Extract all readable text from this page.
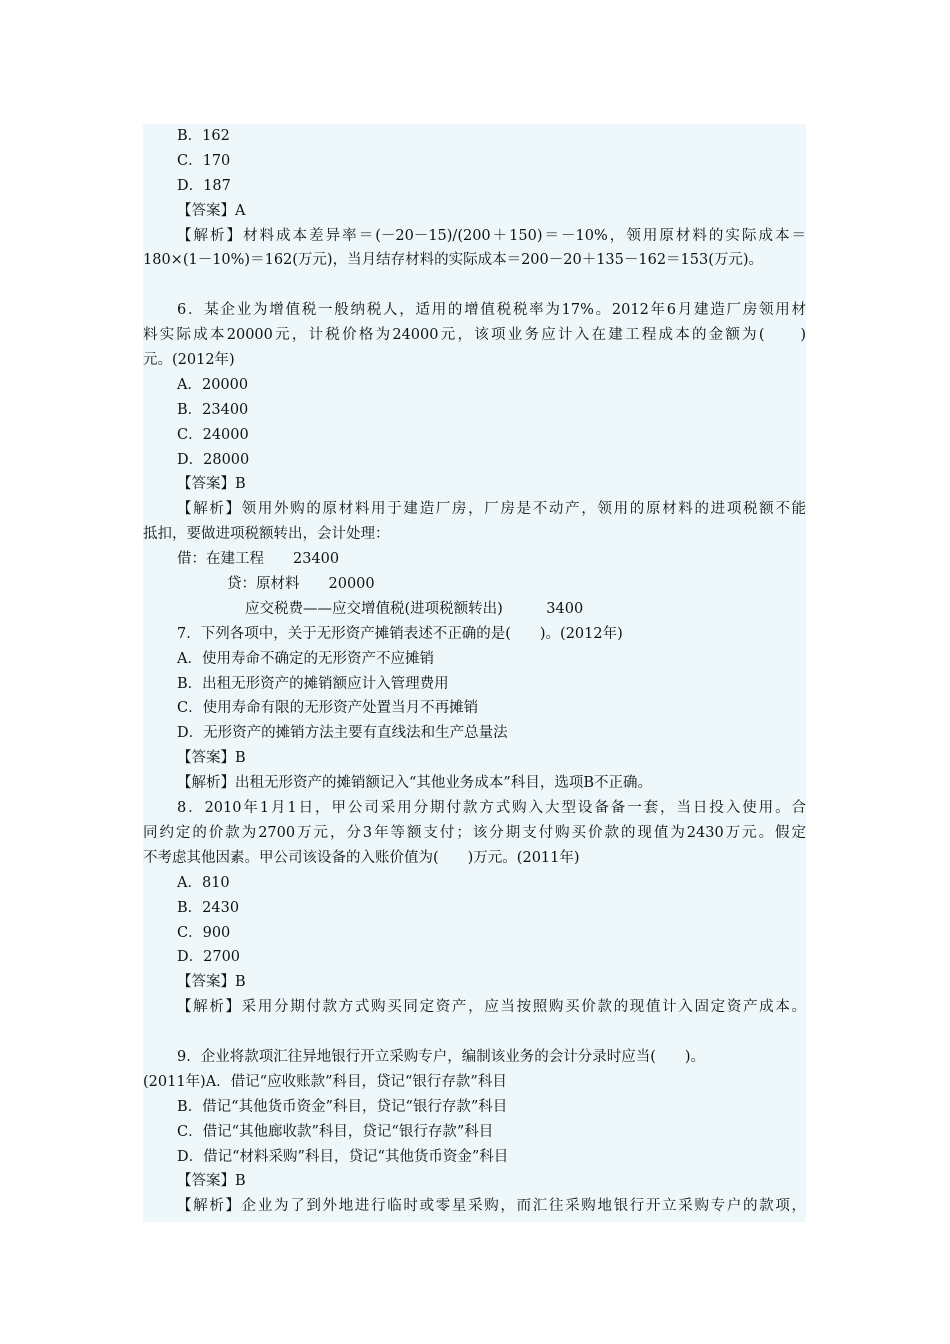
B．162
C．170
D．187
【答案】A
【解析】材料成本差异率＝(－20－15)/(200＋150)＝－10%，领用原材料的实际成本＝
180×(1－10%)＝162(万元)，当月结存材料的实际成本＝200－20＋135－162＝153(万元)。
6．某企业为增值税一般纳税人，适用的增值税税率为17%。2012年6月建造厂房领用材
料实际成本20000元，计税价格为24000元，该项业务应计入在建工程成本的金额为(　　)
元。(2012年)
A．20000
B．23400
C．24000
D．28000
【答案】B
【解析】领用外购的原材料用于建造厂房，厂房是不动产，领用的原材料的进项税额不能
抵扣，要做进项税额转出，会计处理：
借：在建工程　　23400
贷：原材料　　20000
应交税费——应交增值税(进项税额转出)　　　3400
7．下列各项中，关于无形资产摊销表述不正确的是(　　)。(2012年)
A．使用寿命不确定的无形资产不应摊销
B．出租无形资产的摊销额应计入管理费用
C．使用寿命有限的无形资产处置当月不再摊销
D．无形资产的摊销方法主要有直线法和生产总量法
【答案】B
【解析】出租无形资产的摊销额记入“其他业务成本”科目，选项B不正确。
8．2010年1月1日，甲公司采用分期付款方式购入大型设备备一套，当日投入使用。合
同约定的价款为2700万元，分3年等额支付；该分期支付购买价款的现值为2430万元。假定
不考虑其他因素。甲公司该设备的入账价值为(　　)万元。(2011年)
A．810
B．2430
C．900
D．2700
【答案】B
【解析】采用分期付款方式购买同定资产，应当按照购买价款的现值计入固定资产成本。
9．企业将款项汇往异地银行开立采购专户，编制该业务的会计分录时应当(　　)。
(2011年)A．借记“应收账款”科目，贷记“银行存款”科目
B．借记“其他货币资金”科目，贷记“银行存款”科目
C．借记“其他廊收款”科目，贷记“银行存款”科目
D．借记“材料采购”科目，贷记“其他货币资金”科目
【答案】B
【解析】企业为了到外地进行临时或零星采购，而汇往采购地银行开立采购专户的款项，
